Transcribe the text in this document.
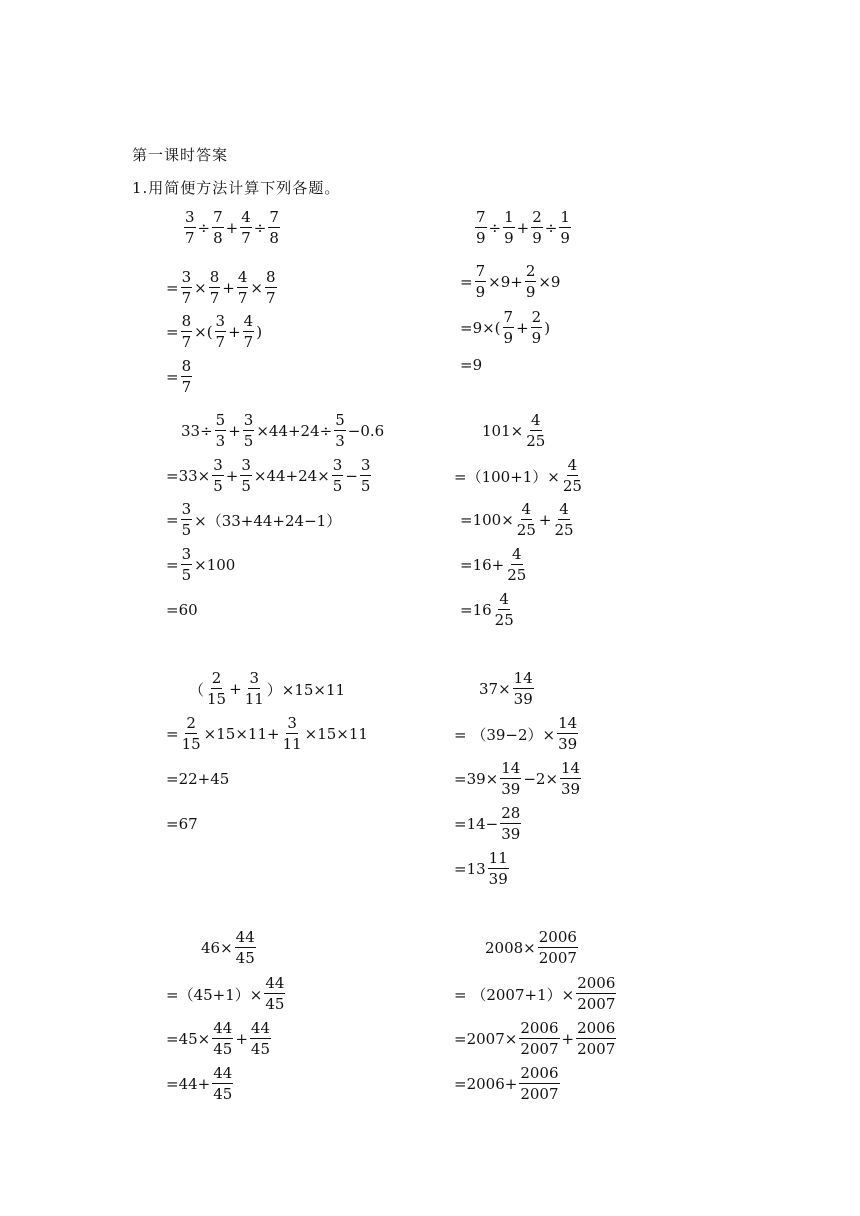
第一课时答案
1.用简便方法计算下列各题。
$\frac{3}{7} \div \frac{7}{8} + \frac{4}{7} \div \frac{7}{8}$
= $\frac{3}{7} \times \frac{8}{7} + \frac{4}{7} \times \frac{8}{7}$
= $\frac{8}{7}$ ×( $\frac{3}{7} + \frac{4}{7}$ )
= $\frac{8}{7}$
$\frac{7}{9} \div \frac{1}{9} + \frac{2}{9} \div \frac{1}{9}$
= $\frac{7}{9} \times 9+ \frac{2}{9} \times 9$
$=9\times( \frac{7}{9} + \frac{2}{9}$ )
=9
$33\div \frac{5}{3} + \frac{3}{5} \times 44+24\div \frac{5}{3} -0.6$
$=33\times \frac{3}{5} + \frac{3}{5} \times 44+24\times \frac{3}{5} - \frac{3}{5}$
= $\frac{3}{5} \times(33+44+24-1)$
= $\frac{3}{5} \times 100$
=60
$101\times \frac{4}{25}$
$=(100+1)\times \frac{4}{25}$
$=100\times \frac{4}{25} + \frac{4}{25}$
$=16+ \frac{4}{25}$
$=16 \frac{4}{25}$
（ $\frac{2}{15} + \frac{3}{11} )\times 15\times 11$
= $\frac{2}{15} \times 15\times 11+ \frac{3}{11} \times 15\times 11$
=22+45
=67
$37\times \frac{14}{39}$
= $(39-2)\times \frac{14}{39}$
$=39\times \frac{14}{39} -2\times \frac{14}{39}$
$=14- \frac{28}{39}$
$=13 \frac{11}{39}$
$46\times \frac{44}{45}$
$=(45+1)\times \frac{44}{45}$
$=45\times \frac{44}{45} + \frac{44}{45}$
$=44+ \frac{44}{45}$
$2008\times \frac{2006}{2007}$
= $(2007+1)\times \frac{2006}{2007}$
$=2007\times \frac{2006}{2007} + \frac{2006}{2007}$
$=2006+ \frac{2006}{2007}$
